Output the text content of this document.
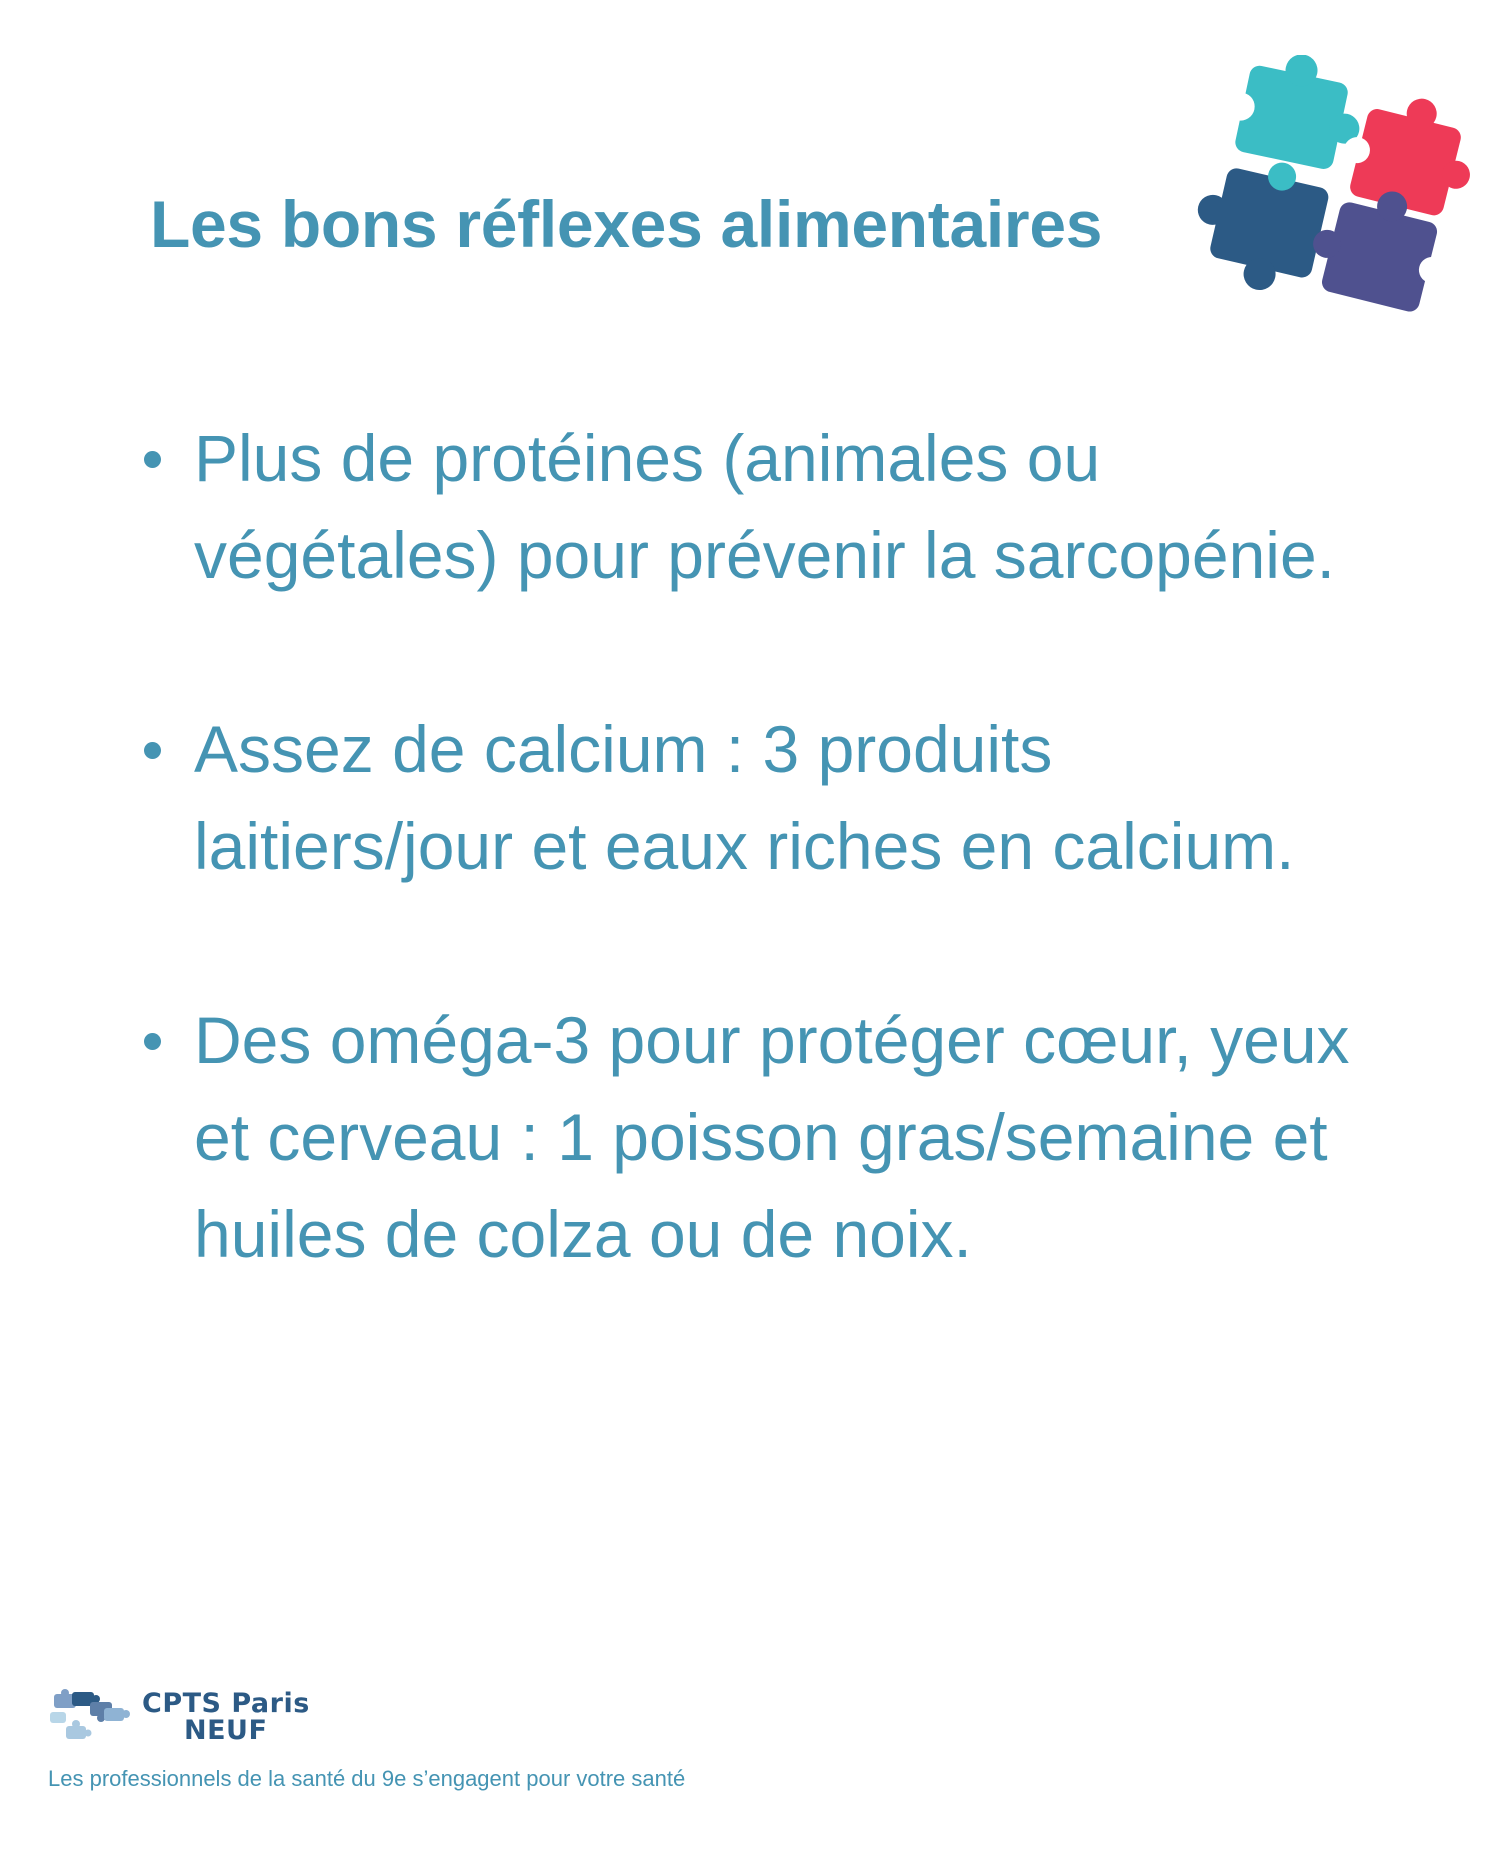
Les bons réflexes alimentaires
Plus de protéines (animales ou
végétales) pour prévenir la sarcopénie.
Assez de calcium : 3 produits
laitiers/jour et eaux riches en calcium.
Des oméga-3 pour protéger cœur, yeux
et cerveau : 1 poisson gras/semaine et
huiles de colza ou de noix.
CPTS Paris
NEUF
Les professionnels de la santé du 9e s’engagent pour votre santé
